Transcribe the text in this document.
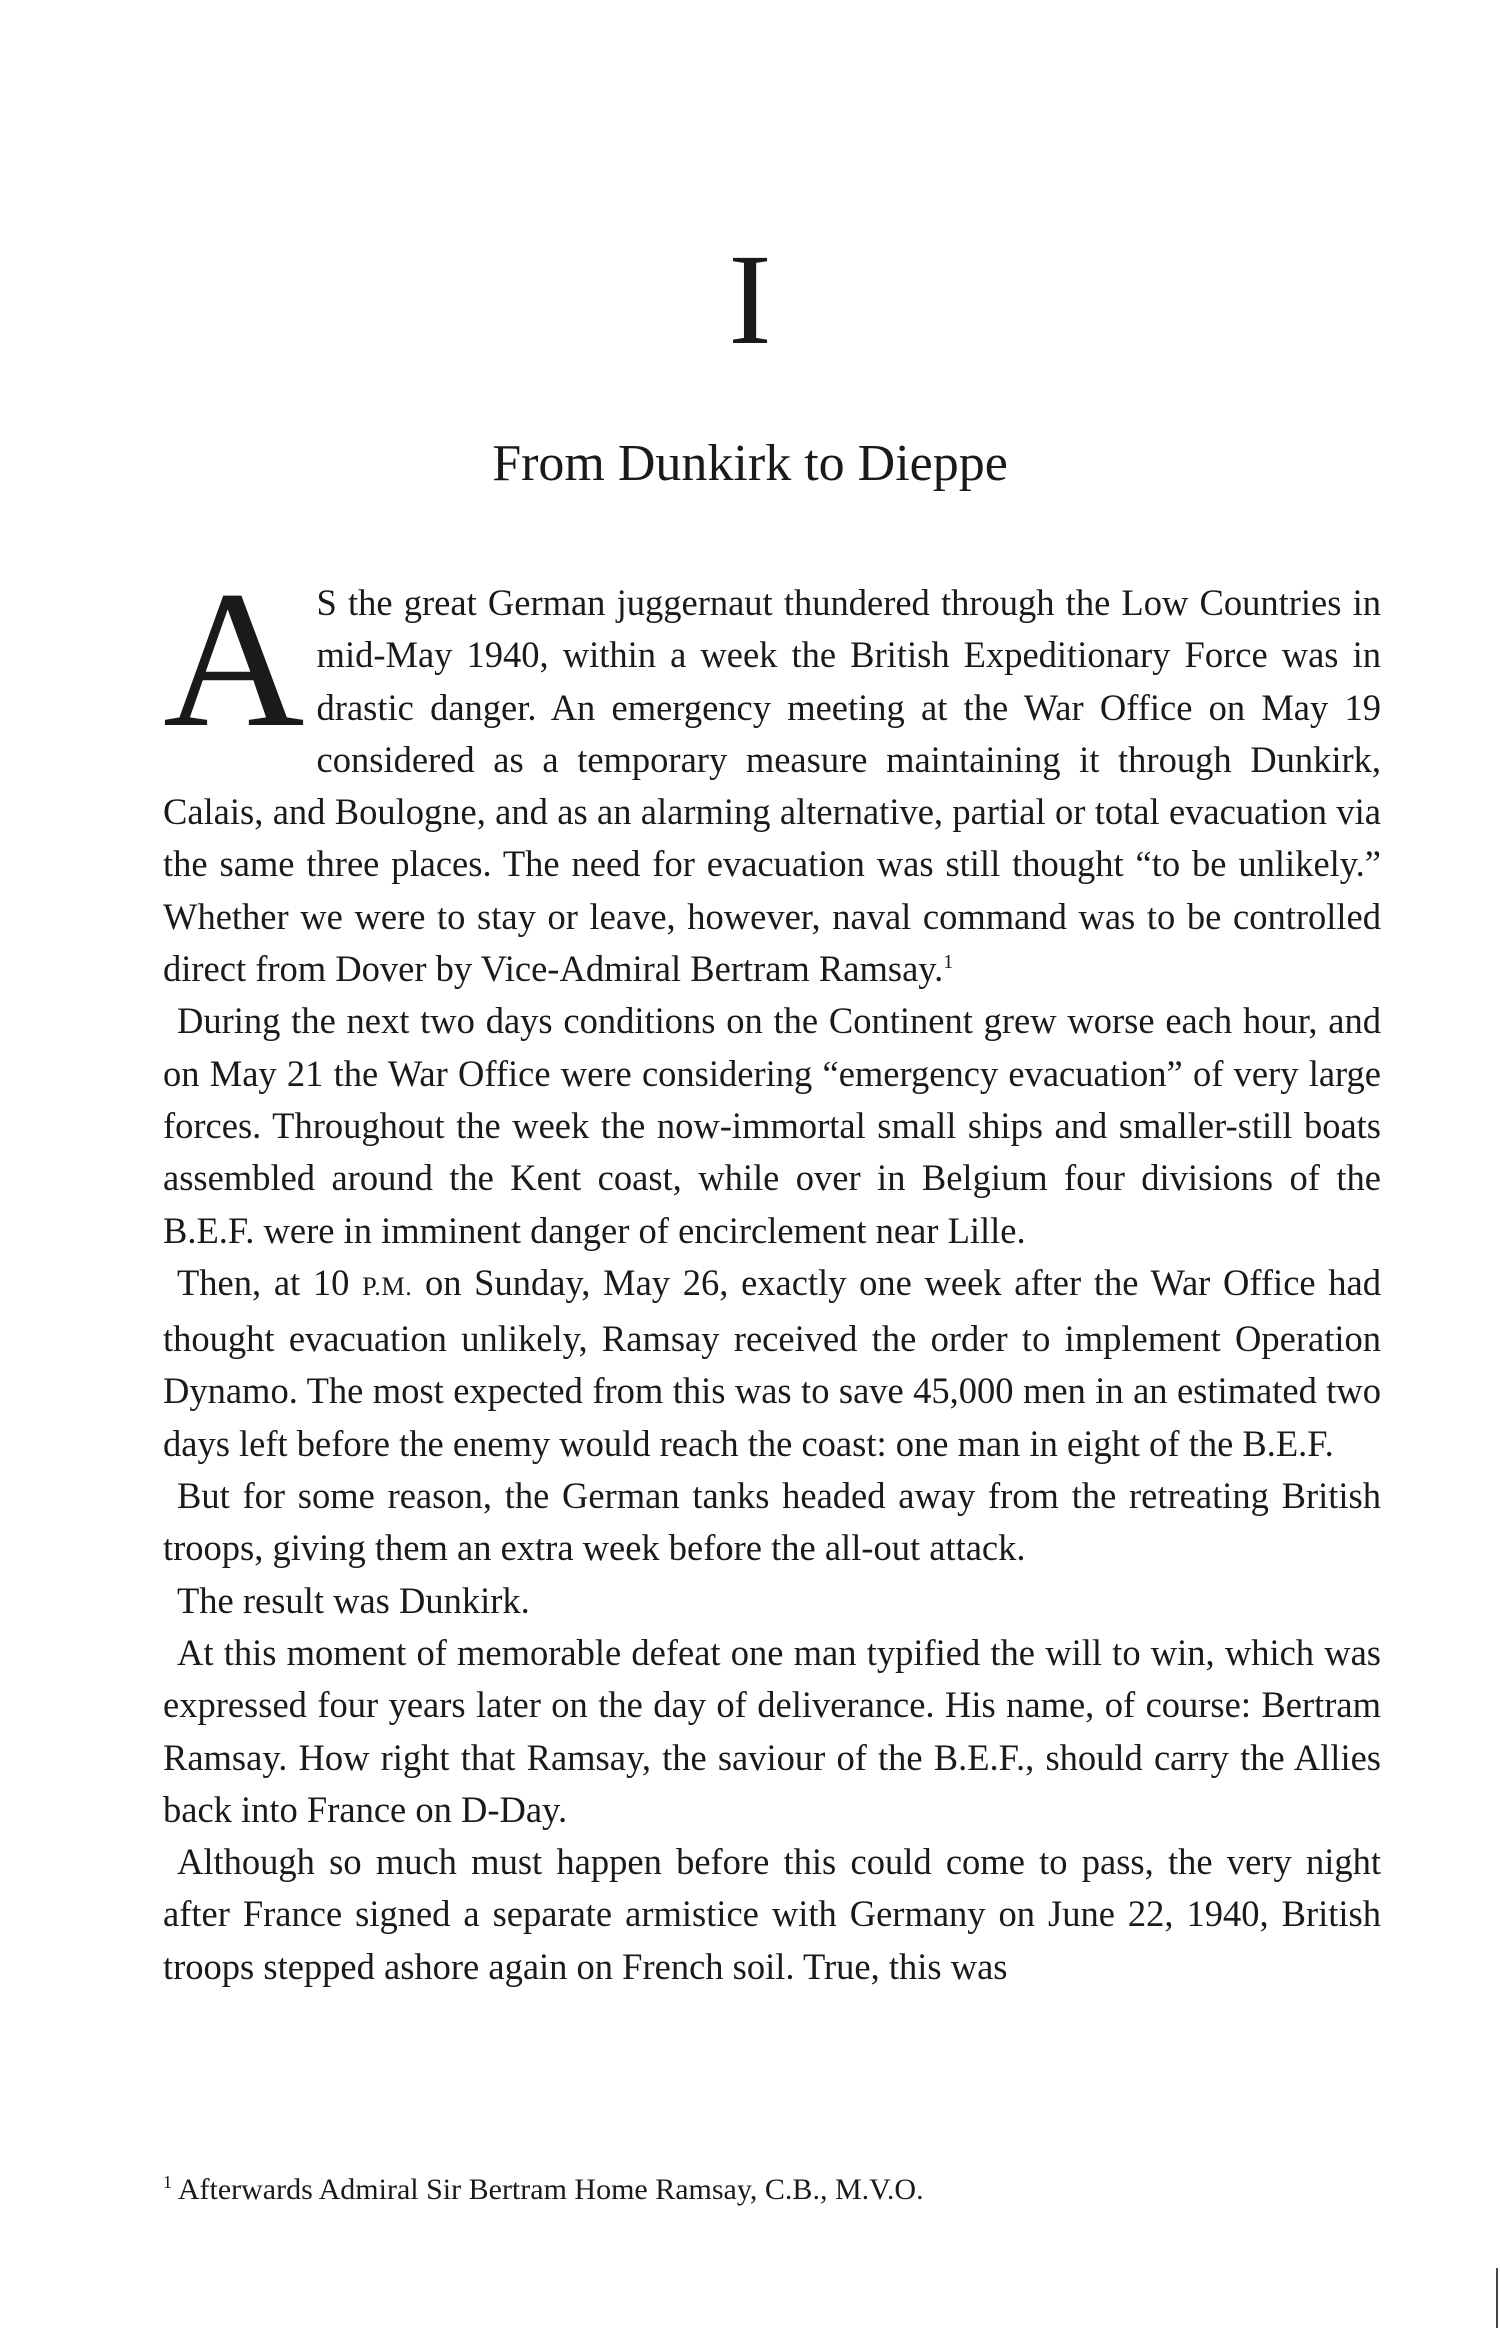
I
From Dunkirk to Dieppe

A S the great German juggernaut thundered through the Low Countries in mid-May 1940, within a week the British Expeditionary Force was in drastic danger. An emergency meeting at the War Office on May 19 considered as a temporary measure maintaining it through Dunkirk, Calais, and Boulogne, and as an alarming alternative, partial or total evacuation via the same three places. The need for evacuation was still thought “to be unlikely.” Whether we were to stay or leave, however, naval command was to be controlled direct from Dover by Vice-Admiral Bertram Ramsay.$^1$

During the next two days conditions on the Continent grew worse each hour, and on May 21 the War Office were considering “emergency evacuation” of very large forces. Throughout the week the now-immortal small ships and smaller-still boats assembled around the Kent coast, while over in Belgium four divisions of the B.E.F. were in imminent danger of encirclement near Lille.

Then, at 10 P.M. on Sunday, May 26, exactly one week after the War Office had thought evacuation unlikely, Ramsay received the order to implement Operation Dynamo. The most expected from this was to save 45,000 men in an estimated two days left before the enemy would reach the coast: one man in eight of the B.E.F.

But for some reason, the German tanks headed away from the retreating British troops, giving them an extra week before the all-out attack.

The result was Dunkirk.

At this moment of memorable defeat one man typified the will to win, which was expressed four years later on the day of deliverance. His name, of course: Bertram Ramsay. How right that Ramsay, the saviour of the B.E.F., should carry the Allies back into France on D-Day.

Although so much must happen before this could come to pass, the very night after France signed a separate armistice with Germany on June 22, 1940, British troops stepped ashore again on French soil. True, this was

$^1$ Afterwards Admiral Sir Bertram Home Ramsay, C.B., M.V.O.
